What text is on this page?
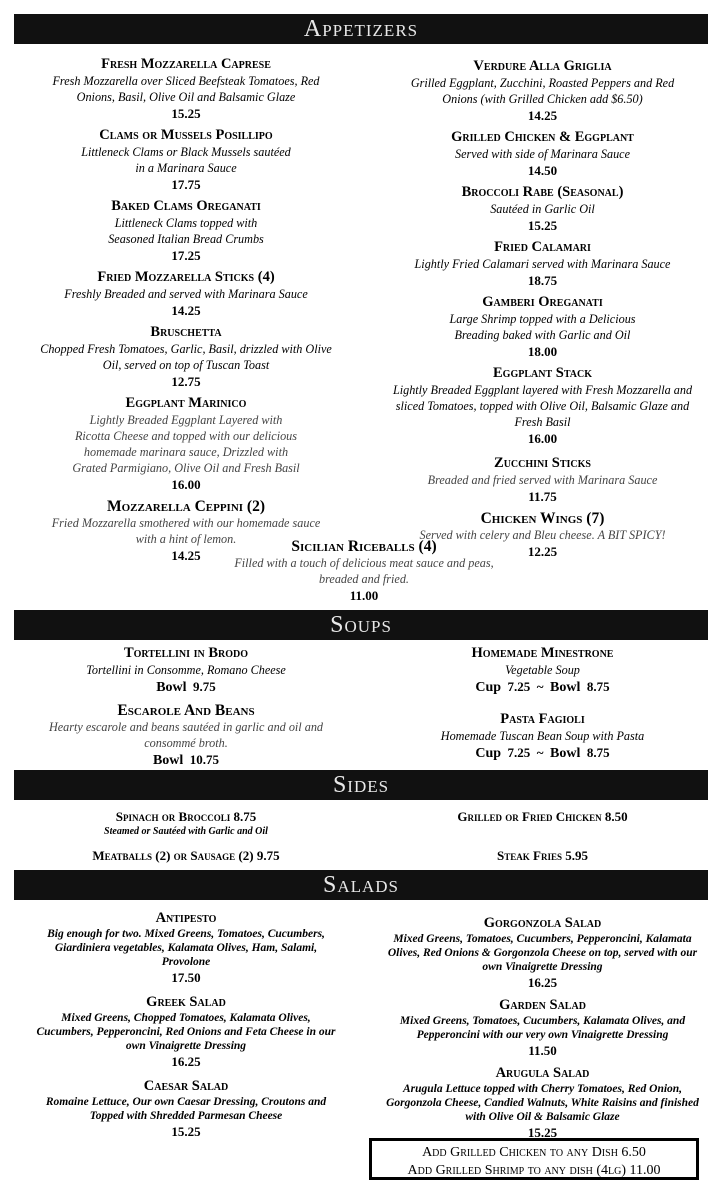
Appetizers
Fresh Mozzarella Caprese
Fresh Mozzarella over Sliced Beefsteak Tomatoes, Red Onions, Basil, Olive Oil and Balsamic Glaze
15.25
Clams or Mussels Posillipo
Littleneck Clams or Black Mussels sautéed in a Marinara Sauce
17.75
Baked Clams Oreganati
Littleneck Clams topped with Seasoned Italian Bread Crumbs
17.25
Fried Mozzarella Sticks (4)
Freshly Breaded and served with Marinara Sauce
14.25
Bruschetta
Chopped Fresh Tomatoes, Garlic, Basil, drizzled with Olive Oil, served on top of Tuscan Toast
12.75
Eggplant Marinico
Lightly Breaded Eggplant Layered with Ricotta Cheese and topped with our delicious homemade marinara sauce, Drizzled with Grated Parmigiano, Olive Oil and Fresh Basil
16.00
Mozzarella Ceppini (2)
Fried Mozzarella smothered with our homemade sauce with a hint of lemon.
14.25
Verdure Alla Griglia
Grilled Eggplant, Zucchini, Roasted Peppers and Red Onions (with Grilled Chicken add $6.50)
14.25
Grilled Chicken & Eggplant
Served with side of Marinara Sauce
14.50
Broccoli Rabe (Seasonal)
Sautéed in Garlic Oil
15.25
Fried Calamari
Lightly Fried Calamari served with Marinara Sauce
18.75
Gamberi Oreganati
Large Shrimp topped with a Delicious Breading baked with Garlic and Oil
18.00
Eggplant Stack
Lightly Breaded Eggplant layered with Fresh Mozzarella and sliced Tomatoes, topped with Olive Oil, Balsamic Glaze and Fresh Basil
16.00
Zucchini Sticks
Breaded and fried served with Marinara Sauce
11.75
Chicken Wings (7)
Served with celery and Bleu cheese. A BIT SPICY!
12.25
Sicilian Riceballs (4)
Filled with a touch of delicious meat sauce and peas, breaded and fried.
11.00
Soups
Tortellini in Brodo
Tortellini in Consomme, Romano Cheese
Bowl 9.75
Escarole And Beans
Hearty escarole and beans sautéed in garlic and oil and consommé broth.
Bowl 10.75
Homemade Minestrone
Vegetable Soup
Cup 7.25 ~ Bowl 8.75
Pasta Fagioli
Homemade Tuscan Bean Soup with Pasta
Cup 7.25 ~ Bowl 8.75
Sides
Spinach or Broccoli 8.75
Steamed or Sautéed with Garlic and Oil
Meatballs (2) or Sausage (2) 9.75
Grilled or Fried Chicken 8.50
Steak Fries 5.95
Salads
Antipesto
Big enough for two. Mixed Greens, Tomatoes, Cucumbers, Giardiniera vegetables, Kalamata Olives, Ham, Salami, Provolone
17.50
Greek Salad
Mixed Greens, Chopped Tomatoes, Kalamata Olives, Cucumbers, Pepperoncini, Red Onions and Feta Cheese in our own Vinaigrette Dressing
16.25
Caesar Salad
Romaine Lettuce, Our own Caesar Dressing, Croutons and Topped with Shredded Parmesan Cheese
15.25
Gorgonzola Salad
Mixed Greens, Tomatoes, Cucumbers, Pepperoncini, Kalamata Olives, Red Onions & Gorgonzola Cheese on top, served with our own Vinaigrette Dressing
16.25
Garden Salad
Mixed Greens, Tomatoes, Cucumbers, Kalamata Olives, and Pepperoncini with our very own Vinaigrette Dressing
11.50
Arugula Salad
Arugula Lettuce topped with Cherry Tomatoes, Red Onion, Gorgonzola Cheese, Candied Walnuts, White Raisins and finished with Olive Oil & Balsamic Glaze
15.25
Add Grilled Chicken to any Dish 6.50
Add Grilled Shrimp to any dish (4lg) 11.00
